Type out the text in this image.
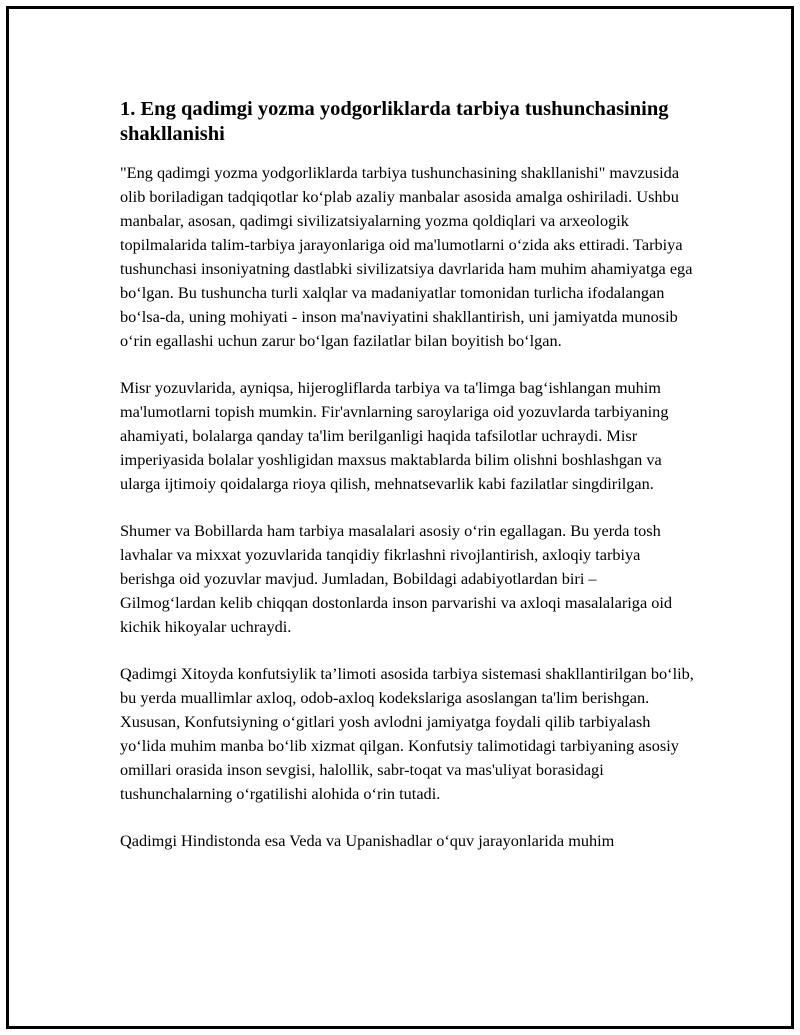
1. Eng qadimgi yozma yodgorliklarda tarbiya tushunchasining shakllanishi

"Eng qadimgi yozma yodgorliklarda tarbiya tushunchasining shakllanishi" mavzusida olib boriladigan tadqiqotlar koʻplab azaliy manbalar asosida amalga oshiriladi. Ushbu manbalar, asosan, qadimgi sivilizatsiyalarning yozma qoldiqlari va arxeologik topilmalarida talim-tarbiya jarayonlariga oid ma'lumotlarni oʻzida aks ettiradi. Tarbiya tushunchasi insoniyatning dastlabki sivilizatsiya davrlarida ham muhim ahamiyatga ega boʻlgan. Bu tushuncha turli xalqlar va madaniyatlar tomonidan turlicha ifodalangan boʻlsa-da, uning mohiyati - inson ma'naviyatini shakllantirish, uni jamiyatda munosib oʻrin egallashi uchun zarur boʻlgan fazilatlar bilan boyitish boʻlgan.

Misr yozuvlarida, ayniqsa, hijerogliflarda tarbiya va ta'limga bagʻishlangan muhim ma'lumotlarni topish mumkin. Fir'avnlarning saroylariga oid yozuvlarda tarbiyaning ahamiyati, bolalarga qanday ta'lim berilganligi haqida tafsilotlar uchraydi. Misr imperiyasida bolalar yoshligidan maxsus maktablarda bilim olishni boshlashgan va ularga ijtimoiy qoidalarga rioya qilish, mehnatsevarlik kabi fazilatlar singdirilgan.

Shumer va Bobillarda ham tarbiya masalalari asosiy oʻrin egallagan. Bu yerda tosh lavhalar va mixxat yozuvlarida tanqidiy fikrlashni rivojlantirish, axloqiy tarbiya berishga oid yozuvlar mavjud. Jumladan, Bobildagi adabiyotlardan biri – Gilmogʻlardan kelib chiqqan dostonlarda inson parvarishi va axloqi masalalariga oid kichik hikoyalar uchraydi.

Qadimgi Xitoyda konfutsiylik ta’limoti asosida tarbiya sistemasi shakllantirilgan boʻlib, bu yerda muallimlar axloq, odob-axloq kodekslariga asoslangan ta'lim berishgan. Xususan, Konfutsiyning oʻgitlari yosh avlodni jamiyatga foydali qilib tarbiyalash yoʻlida muhim manba boʻlib xizmat qilgan. Konfutsiy talimotidagi tarbiyaning asosiy omillari orasida inson sevgisi, halollik, sabr-toqat va mas'uliyat borasidagi tushunchalarning oʻrgatilishi alohida oʻrin tutadi.

Qadimgi Hindistonda esa Veda va Upanishadlar oʻquv jarayonlarida muhim
